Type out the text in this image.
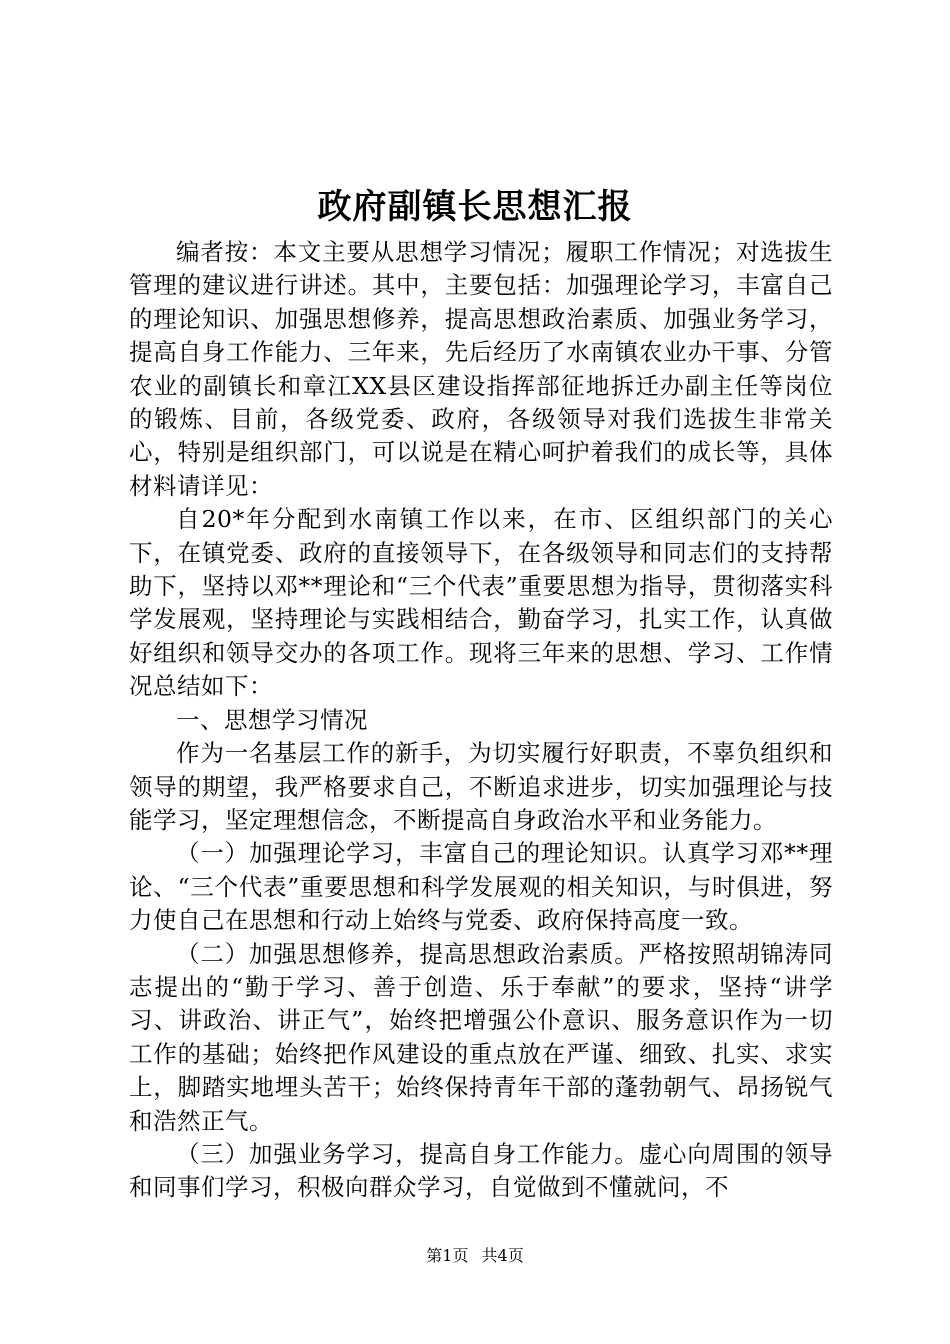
政府副镇长思想汇报

编者按：本文主要从思想学习情况；履职工作情况；对选拔生管理的建议进行讲述。其中，主要包括：加强理论学习，丰富自己的理论知识、加强思想修养，提高思想政治素质、加强业务学习，提高自身工作能力、三年来，先后经历了水南镇农业办干事、分管农业的副镇长和章江XX县区建设指挥部征地拆迁办副主任等岗位的锻炼、目前，各级党委、政府，各级领导对我们选拔生非常关心，特别是组织部门，可以说是在精心呵护着我们的成长等，具体材料请详见：

自20*年分配到水南镇工作以来，在市、区组织部门的关心下，在镇党委、政府的直接领导下，在各级领导和同志们的支持帮助下，坚持以邓**理论和“三个代表”重要思想为指导，贯彻落实科学发展观，坚持理论与实践相结合，勤奋学习，扎实工作，认真做好组织和领导交办的各项工作。现将三年来的思想、学习、工作情况总结如下：

一、思想学习情况

作为一名基层工作的新手，为切实履行好职责，不辜负组织和领导的期望，我严格要求自己，不断追求进步，切实加强理论与技能学习，坚定理想信念，不断提高自身政治水平和业务能力。

（一）加强理论学习，丰富自己的理论知识。认真学习邓**理论、“三个代表”重要思想和科学发展观的相关知识，与时俱进，努力使自己在思想和行动上始终与党委、政府保持高度一致。

（二）加强思想修养，提高思想政治素质。严格按照胡锦涛同志提出的“勤于学习、善于创造、乐于奉献”的要求，坚持“讲学习、讲政治、讲正气”，始终把增强公仆意识、服务意识作为一切工作的基础；始终把作风建设的重点放在严谨、细致、扎实、求实上，脚踏实地埋头苦干；始终保持青年干部的蓬勃朝气、昂扬锐气和浩然正气。

（三）加强业务学习，提高自身工作能力。虚心向周围的领导和同事们学习，积极向群众学习，自觉做到不懂就问，不

第1页 共4页
